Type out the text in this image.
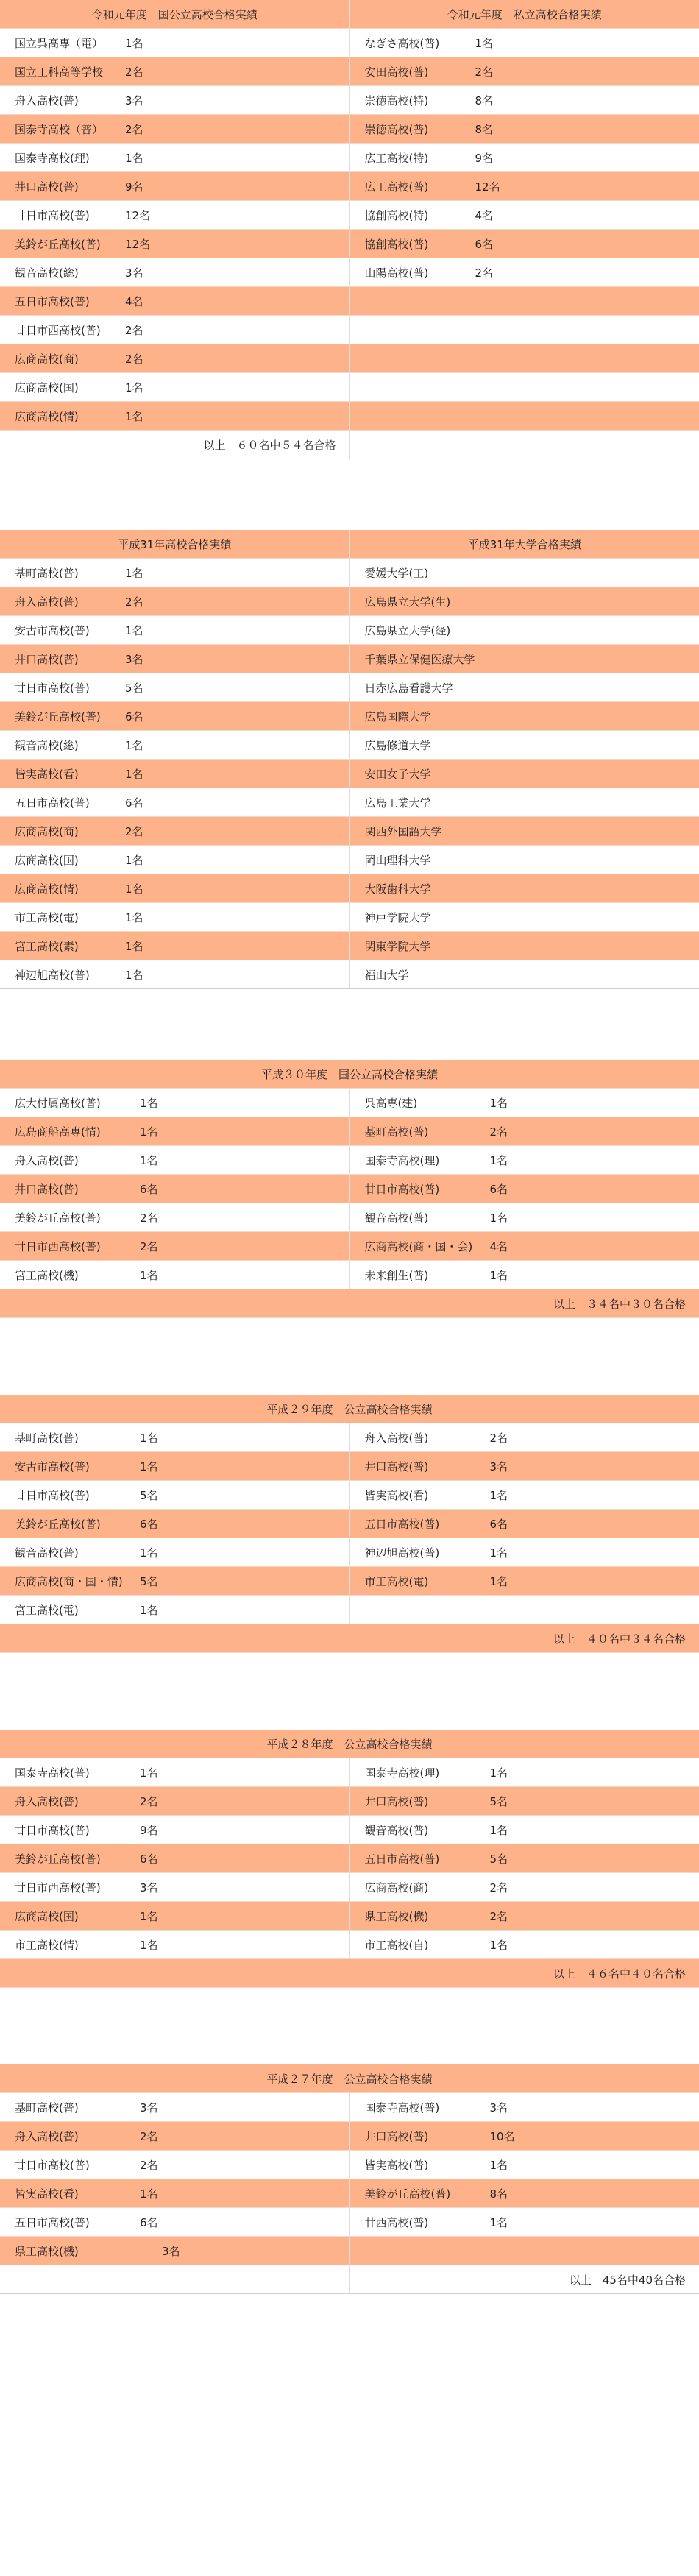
令和元年度　国公立高校合格実績	令和元年度　私立高校合格実績
国立呉高専（電） 1名	なぎさ高校(普) 1名
国立工科高等学校 2名	安田高校(普) 2名
舟入高校(普) 3名	崇徳高校(特) 8名
国泰寺高校（普） 2名	崇徳高校(普) 8名
国泰寺高校(理) 1名	広工高校(特) 9名
井口高校(普) 9名	広工高校(普) 12名
廿日市高校(普) 12名	協創高校(特) 4名
美鈴が丘高校(普) 12名	協創高校(普) 6名
観音高校(総) 3名	山陽高校(普) 2名
五日市高校(普) 4名	
廿日市西高校(普) 2名	
広商高校(商) 2名	
広商高校(国) 1名	
広商高校(情) 1名	
以上　６０名中５４名合格	
平成31年高校合格実績	平成31年大学合格実績
基町高校(普) 1名	愛媛大学(工)
舟入高校(普) 2名	広島県立大学(生)
安古市高校(普) 1名	広島県立大学(経)
井口高校(普) 3名	千葉県立保健医療大学
廿日市高校(普) 5名	日赤広島看護大学
美鈴が丘高校(普) 6名	広島国際大学
観音高校(総) 1名	広島修道大学
皆実高校(看) 1名	安田女子大学
五日市高校(普) 6名	広島工業大学
広商高校(商) 2名	関西外国語大学
広商高校(国) 1名	岡山理科大学
広商高校(情) 1名	大阪歯科大学
市工高校(電) 1名	神戸学院大学
宮工高校(素) 1名	関東学院大学
神辺旭高校(普) 1名	福山大学
平成３０年度　国公立高校合格実績	
広大付属高校(普) 1名	呉高専(建) 1名
広島商船高専(情) 1名	基町高校(普) 2名
舟入高校(普) 1名	国泰寺高校(理) 1名
井口高校(普) 6名	廿日市高校(普) 6名
美鈴が丘高校(普) 2名	観音高校(普) 1名
廿日市西高校(普) 2名	広商高校(商・国・会) 4名
宮工高校(機) 1名	未来創生(普) 1名
以上　３４名中３０名合格	
平成２９年度　公立高校合格実績	
基町高校(普) 1名	舟入高校(普) 2名
安古市高校(普) 1名	井口高校(普) 3名
廿日市高校(普) 5名	皆実高校(看) 1名
美鈴が丘高校(普) 6名	五日市高校(普) 6名
観音高校(普) 1名	神辺旭高校(普) 1名
広商高校(商・国・情) 5名	市工高校(電) 1名
宮工高校(電) 1名	
以上　４０名中３４名合格	
平成２８年度　公立高校合格実績	
国泰寺高校(普) 1名	国泰寺高校(理) 1名
舟入高校(普) 2名	井口高校(普) 5名
廿日市高校(普) 9名	観音高校(普) 1名
美鈴が丘高校(普) 6名	五日市高校(普) 5名
廿日市西高校(普) 3名	広商高校(商) 2名
広商高校(国) 1名	県工高校(機) 2名
市工高校(情) 1名	市工高校(自) 1名
以上　４６名中４０名合格	
平成２７年度　公立高校合格実績	
基町高校(普) 3名	国泰寺高校(普) 3名
舟入高校(普) 2名	井口高校(普) 10名
廿日市高校(普) 2名	皆実高校(普) 1名
皆実高校(看) 1名	美鈴が丘高校(普) 8名
五日市高校(普) 6名	廿西高校(普) 1名
県工高校(機) 3名	
	以上　45名中40名合格
